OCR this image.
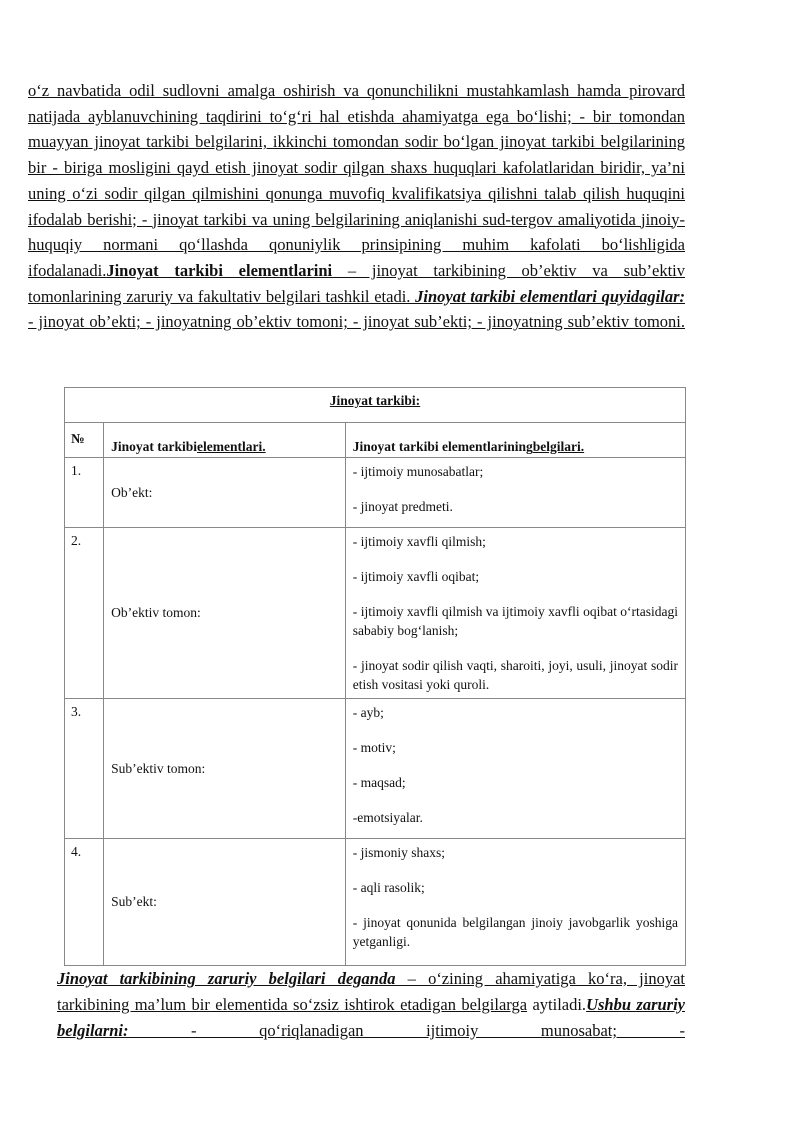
o‘z navbatida odil sudlovni amalga oshirish va qonunchilikni mustahkamlash hamda pirovard natijada ayblanuvchining taqdirini to‘g‘ri hal etishda ahamiyatga ega bo‘lishi; - bir tomondan muayyan jinoyat tarkibi belgilarini, ikkinchi tomondan sodir bo‘lgan jinoyat tarkibi belgilarining bir - biriga mosligini qayd etish jinoyat sodir qilgan shaxs huquqlari kafolatlaridan biridir, ya’ni uning o‘zi sodir qilgan qilmishini qonunga muvofiq kvalifikatsiya qilishni talab qilish huquqini ifodalab berishi; - jinoyat tarkibi va uning belgilarining aniqlanishi sud-tergov amaliyotida jinoiy-huquqiy normani qo‘llashda qonuniylik prinsipining muhim kafolati bo‘lishligida ifodalanadi.Jinoyat tarkibi elementlarini – jinoyat tarkibining ob’ektiv va sub’ektiv tomonlarining zaruriy va fakultativ belgilari tashkil etadi. Jinoyat tarkibi elementlari quyidagilar: - jinoyat ob’ekti; - jinoyatning ob’ektiv tomoni; - jinoyat sub’ekti; - jinoyatning sub’ektiv tomoni.

Jinoyat tarkibi:		
№	Jinoyat tarkibielementlari.	Jinoyat tarkibi elementlariningbelgilari.

1.	Ob’ekt:	- ijtimoiy munosabatlar;
- jinoyat predmeti.

2.	Ob’ektiv tomon:	- ijtimoiy xavfli qilmish;
- ijtimoiy xavfli oqibat;
- ijtimoiy xavfli qilmish va ijtimoiy xavfli oqibat o‘rtasidagi sababiy bog‘lanish;
- jinoyat sodir qilish vaqti, sharoiti, joyi, usuli, jinoyat sodir etish vositasi yoki quroli.

3.	Sub’ektiv tomon:	- ayb;
- motiv;
- maqsad;
-emotsiyalar.

4.	Sub’ekt:	- jismoniy shaxs;
- aqli rasolik;
- jinoyat qonunida belgilangan jinoiy javobgarlik yoshiga yetganligi.

Jinoyat tarkibining zaruriy belgilari deganda – o‘zining ahamiyatiga ko‘ra, jinoyat tarkibining ma’lum bir elementida so‘zsiz ishtirok etadigan belgilarga aytiladi.Ushbu zaruriy belgilarni: - qo‘riqlanadigan ijtimoiy munosabat; -
